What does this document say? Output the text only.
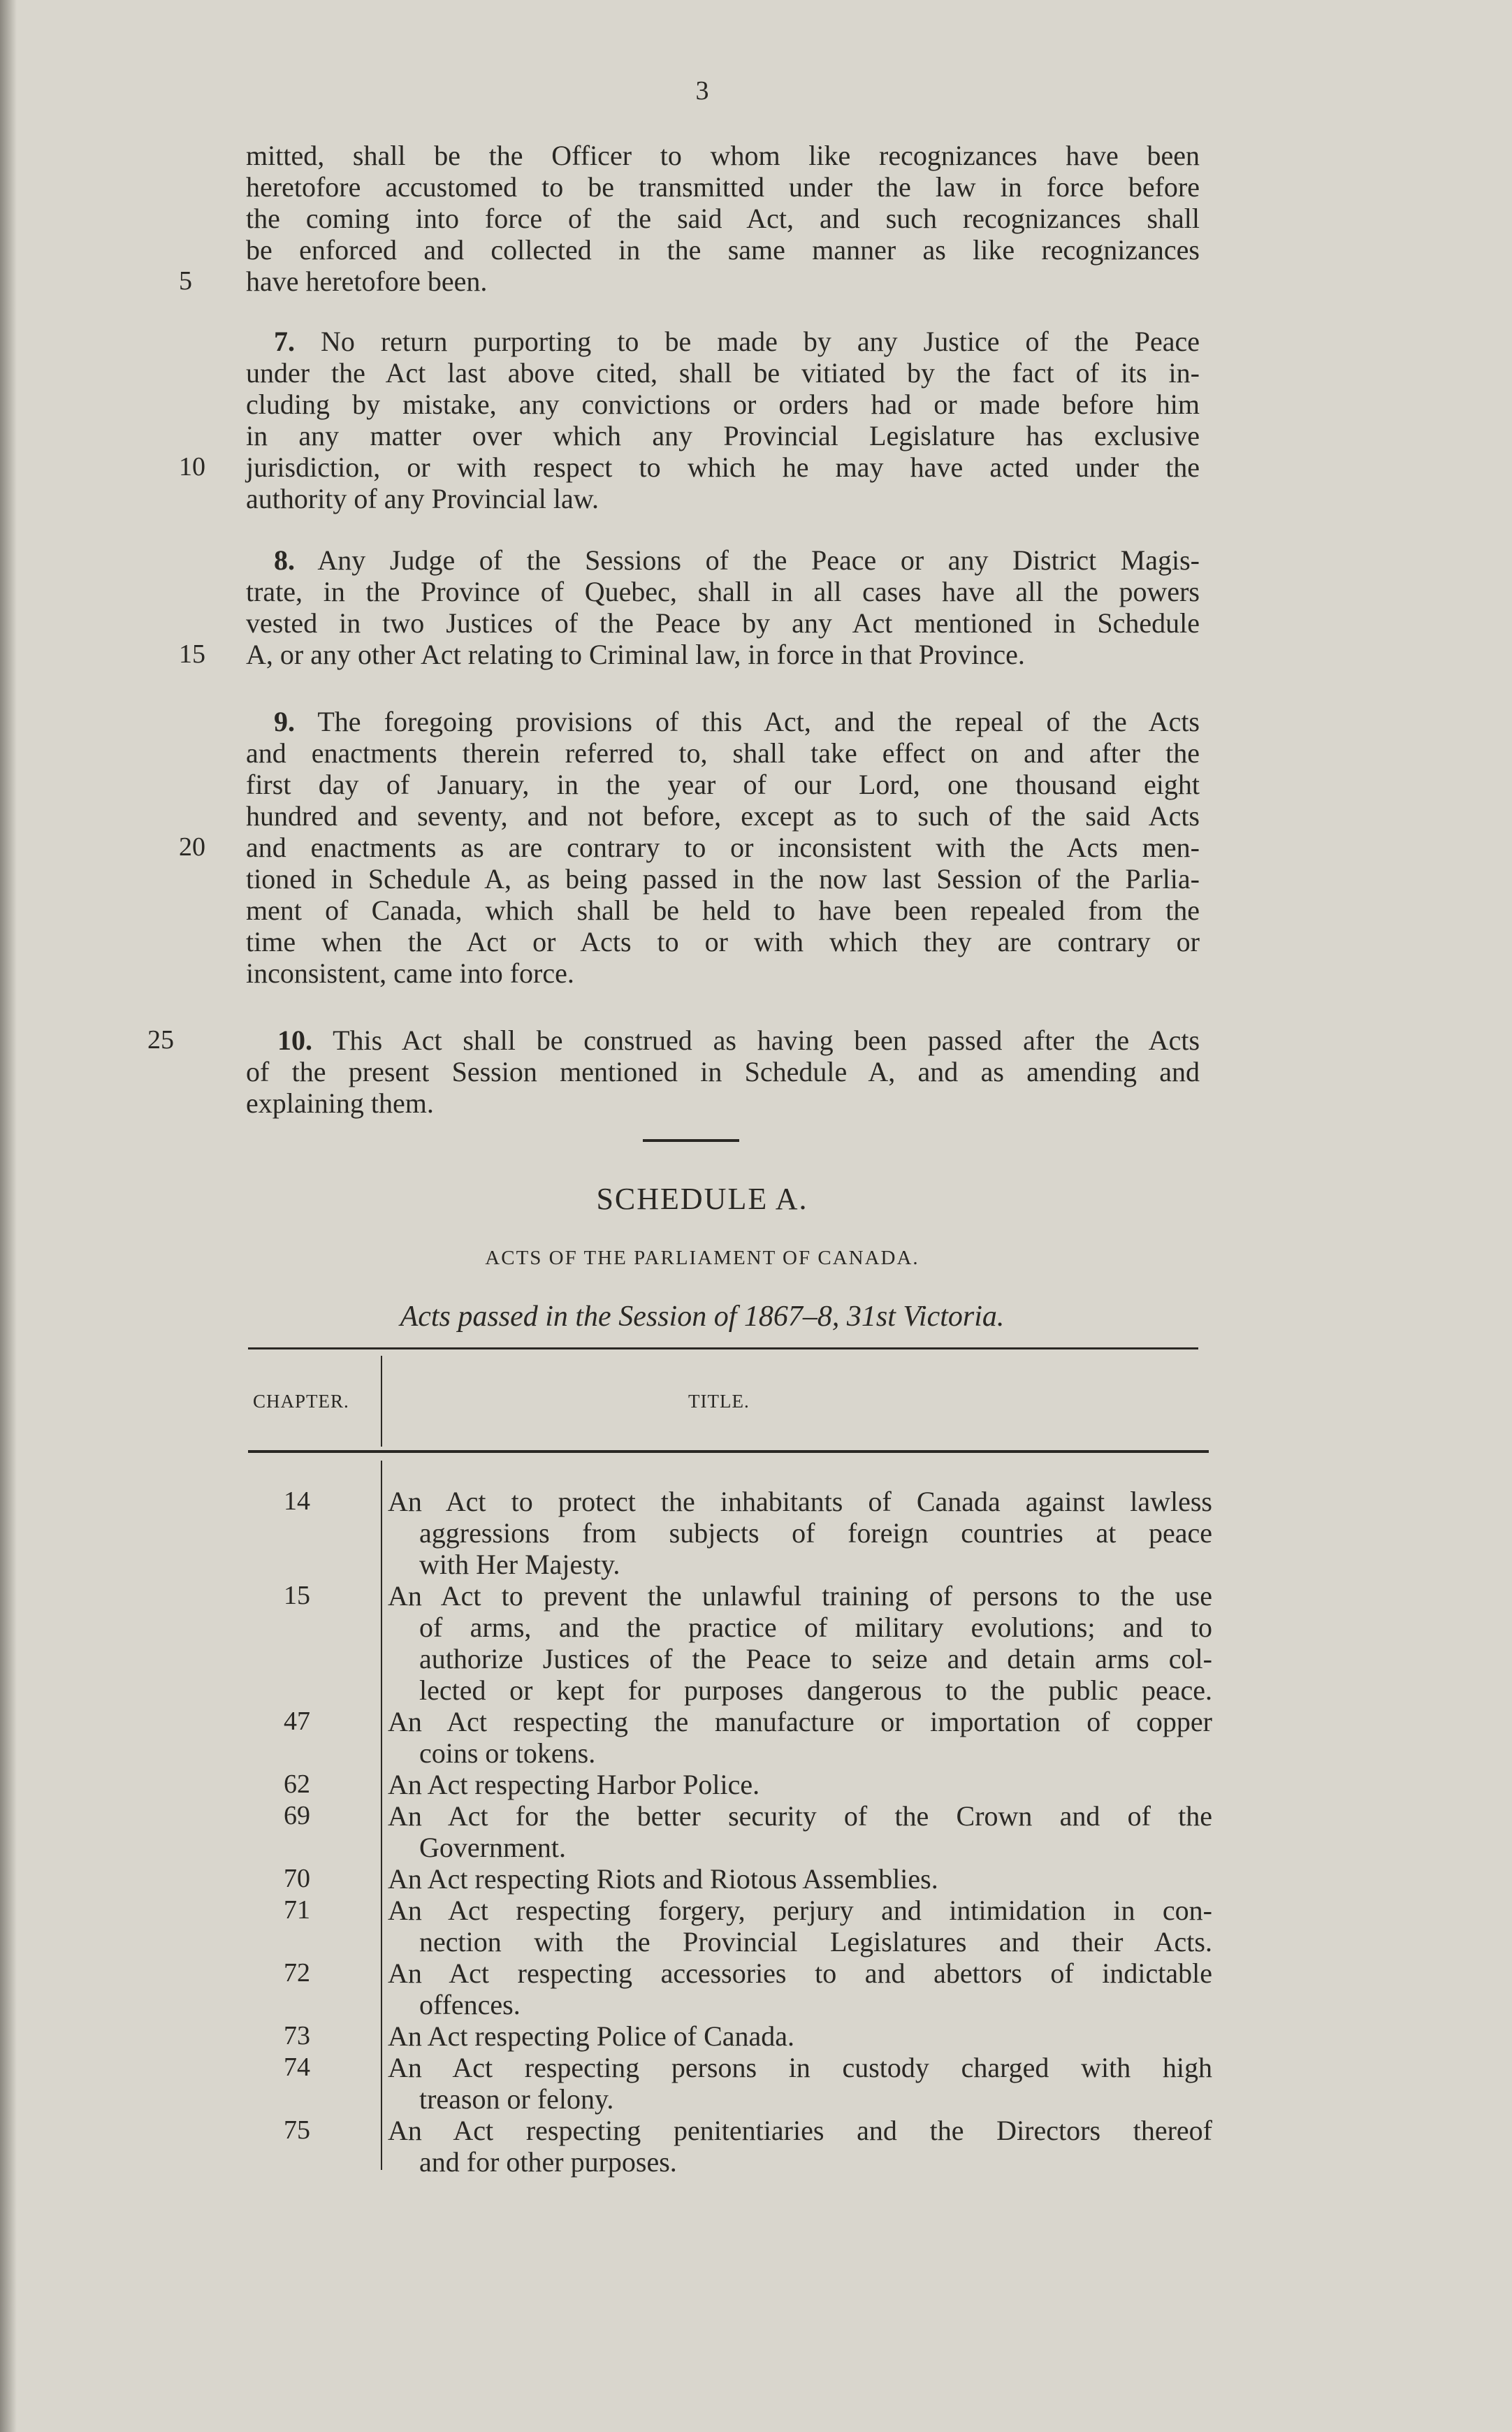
3
mitted, shall be the Officer to whom like recognizances have been
heretofore accustomed to be transmitted under the law in force before
the coming into force of the said Act, and such recognizances shall
be enforced and collected in the same manner as like recognizances
5	have heretofore been.
7. No return purporting to be made by any Justice of the Peace
under the Act last above cited, shall be vitiated by the fact of its in-
cluding by mistake, any convictions or orders had or made before him
in any matter over which any Provincial Legislature has exclusive
10	jurisdiction, or with respect to which he may have acted under the
authority of any Provincial law.
8. Any Judge of the Sessions of the Peace or any District Magis-
trate, in the Province of Quebec, shall in all cases have all the powers
vested in two Justices of the Peace by any Act mentioned in Schedule
15	A, or any other Act relating to Criminal law, in force in that Province.
9. The foregoing provisions of this Act, and the repeal of the Acts
and enactments therein referred to, shall take effect on and after the
first day of January, in the year of our Lord, one thousand eight
hundred and seventy, and not before, except as to such of the said Acts
20	and enactments as are contrary to or inconsistent with the Acts men-
tioned in Schedule A, as being passed in the now last Session of the Parlia-
ment of Canada, which shall be held to have been repealed from the
time when the Act or Acts to or with which they are contrary or
inconsistent, came into force.
25	10. This Act shall be construed as having been passed after the Acts
of the present Session mentioned in Schedule A, and as amending and
explaining them.
SCHEDULE A.
ACTS OF THE PARLIAMENT OF CANADA.
Acts passed in the Session of 1867–8, 31st Victoria.
CHAPTER.	TITLE.
14	An Act to protect the inhabitants of Canada against lawless
aggressions from subjects of foreign countries at peace
with Her Majesty.
15	An Act to prevent the unlawful training of persons to the use
of arms, and the practice of military evolutions; and to
authorize Justices of the Peace to seize and detain arms col-
lected or kept for purposes dangerous to the public peace.
47	An Act respecting the manufacture or importation of copper
coins or tokens.
62	An Act respecting Harbor Police.
69	An Act for the better security of the Crown and of the
Government.
70	An Act respecting Riots and Riotous Assemblies.
71	An Act respecting forgery, perjury and intimidation in con-
nection with the Provincial Legislatures and their Acts.
72	An Act respecting accessories to and abettors of indictable
offences.
73	An Act respecting Police of Canada.
74	An Act respecting persons in custody charged with high
treason or felony.
75	An Act respecting penitentiaries and the Directors thereof
and for other purposes.
